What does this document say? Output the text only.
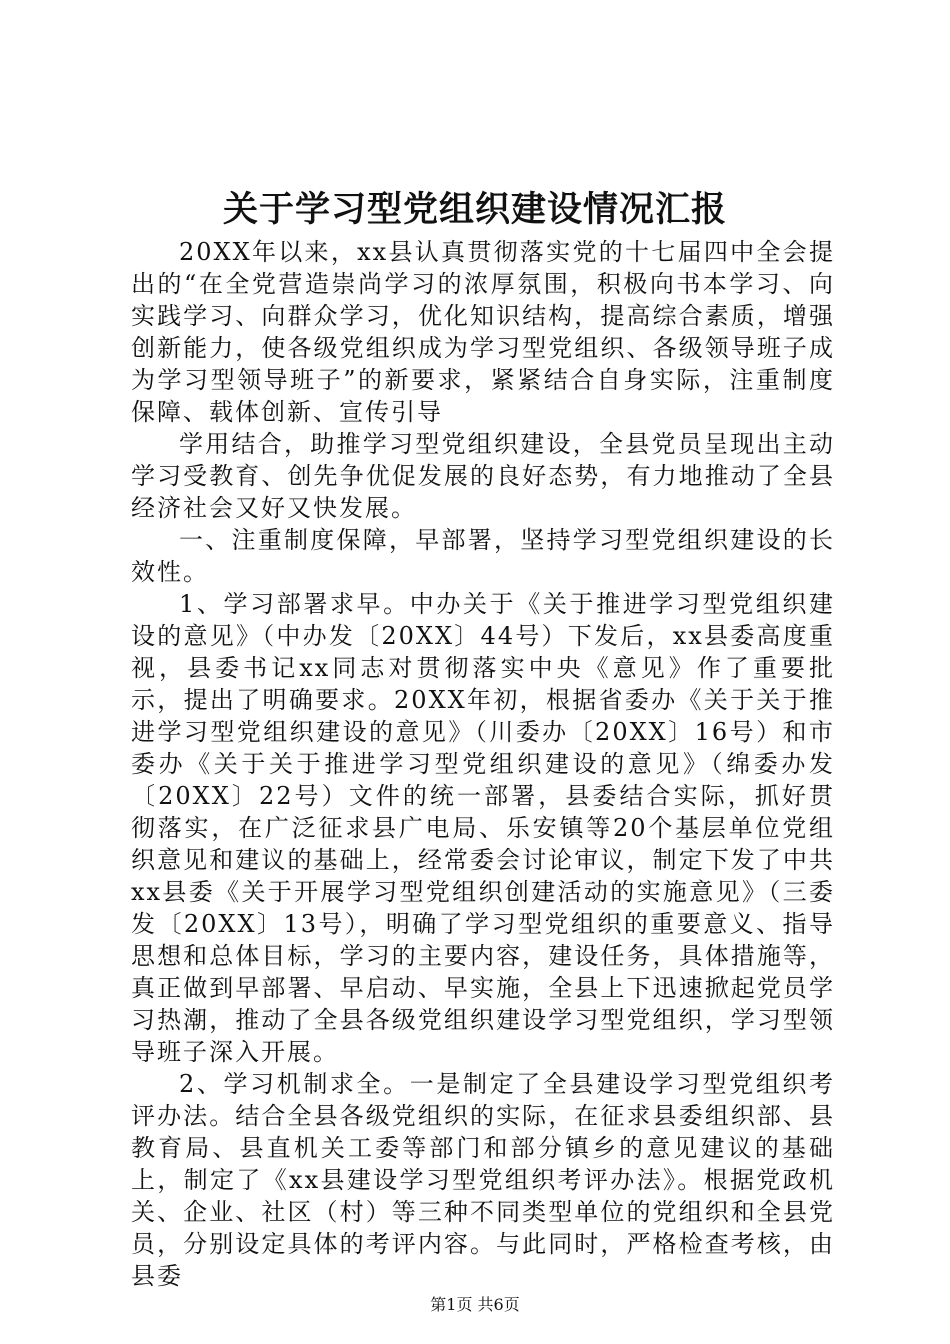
关于学习型党组织建设情况汇报

20XX年以来，xx县认真贯彻落实党的十七届四中全会提出的“在全党营造崇尚学习的浓厚氛围，积极向书本学习、向实践学习、向群众学习，优化知识结构，提高综合素质，增强创新能力，使各级党组织成为学习型党组织、各级领导班子成为学习型领导班子”的新要求，紧紧结合自身实际，注重制度保障、载体创新、宣传引导

学用结合，助推学习型党组织建设，全县党员呈现出主动学习受教育、创先争优促发展的良好态势，有力地推动了全县经济社会又好又快发展。

一、注重制度保障，早部署，坚持学习型党组织建设的长效性。

1、学习部署求早。中办关于《关于推进学习型党组织建设的意见》（中办发〔20XX〕44号）下发后，xx县委高度重视，县委书记xx同志对贯彻落实中央《意见》作了重要批示，提出了明确要求。20XX年初，根据省委办《关于关于推进学习型党组织建设的意见》（川委办〔20XX〕16号）和市委办《关于关于推进学习型党组织建设的意见》（绵委办发〔20XX〕22号）文件的统一部署，县委结合实际，抓好贯彻落实，在广泛征求县广电局、乐安镇等20个基层单位党组织意见和建议的基础上，经常委会讨论审议，制定下发了中共xx县委《关于开展学习型党组织创建活动的实施意见》（三委发〔20XX〕13号），明确了学习型党组织的重要意义、指导思想和总体目标，学习的主要内容，建设任务，具体措施等，真正做到早部署、早启动、早实施，全县上下迅速掀起党员学习热潮，推动了全县各级党组织建设学习型党组织，学习型领导班子深入开展。

2、学习机制求全。一是制定了全县建设学习型党组织考评办法。结合全县各级党组织的实际，在征求县委组织部、县教育局、县直机关工委等部门和部分镇乡的意见建议的基础上，制定了《xx县建设学习型党组织考评办法》。根据党政机关、企业、社区（村）等三种不同类型单位的党组织和全县党员，分别设定具体的考评内容。与此同时，严格检查考核，由县委

第1页 共6页
